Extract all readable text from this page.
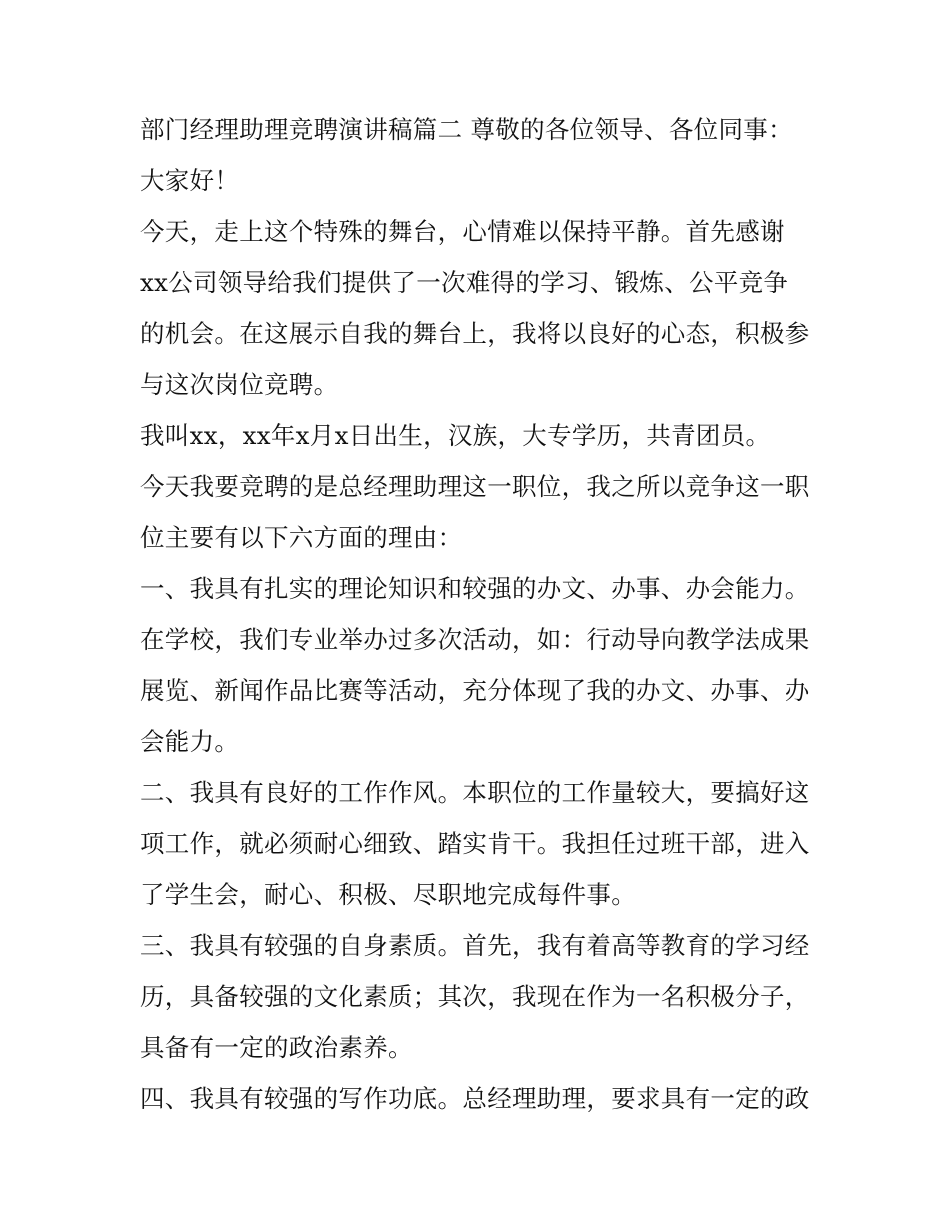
部门经理助理竞聘演讲稿篇二 尊敬的各位领导、各位同事：
大家好！
今天，走上这个特殊的舞台，心情难以保持平静。首先感谢
xx公司领导给我们提供了一次难得的学习、锻炼、公平竞争
的机会。在这展示自我的舞台上，我将以良好的心态，积极参
与这次岗位竞聘。
我叫xx，xx年x月x日出生，汉族，大专学历，共青团员。
今天我要竞聘的是总经理助理这一职位，我之所以竞争这一职
位主要有以下六方面的理由：
一、我具有扎实的理论知识和较强的办文、办事、办会能力。
在学校，我们专业举办过多次活动，如：行动导向教学法成果
展览、新闻作品比赛等活动，充分体现了我的办文、办事、办
会能力。
二、我具有良好的工作作风。本职位的工作量较大，要搞好这
项工作，就必须耐心细致、踏实肯干。我担任过班干部，进入
了学生会，耐心、积极、尽职地完成每件事。
三、我具有较强的自身素质。首先，我有着高等教育的学习经
历，具备较强的文化素质；其次，我现在作为一名积极分子，
具备有一定的政治素养。
四、我具有较强的写作功底。总经理助理，要求具有一定的政
